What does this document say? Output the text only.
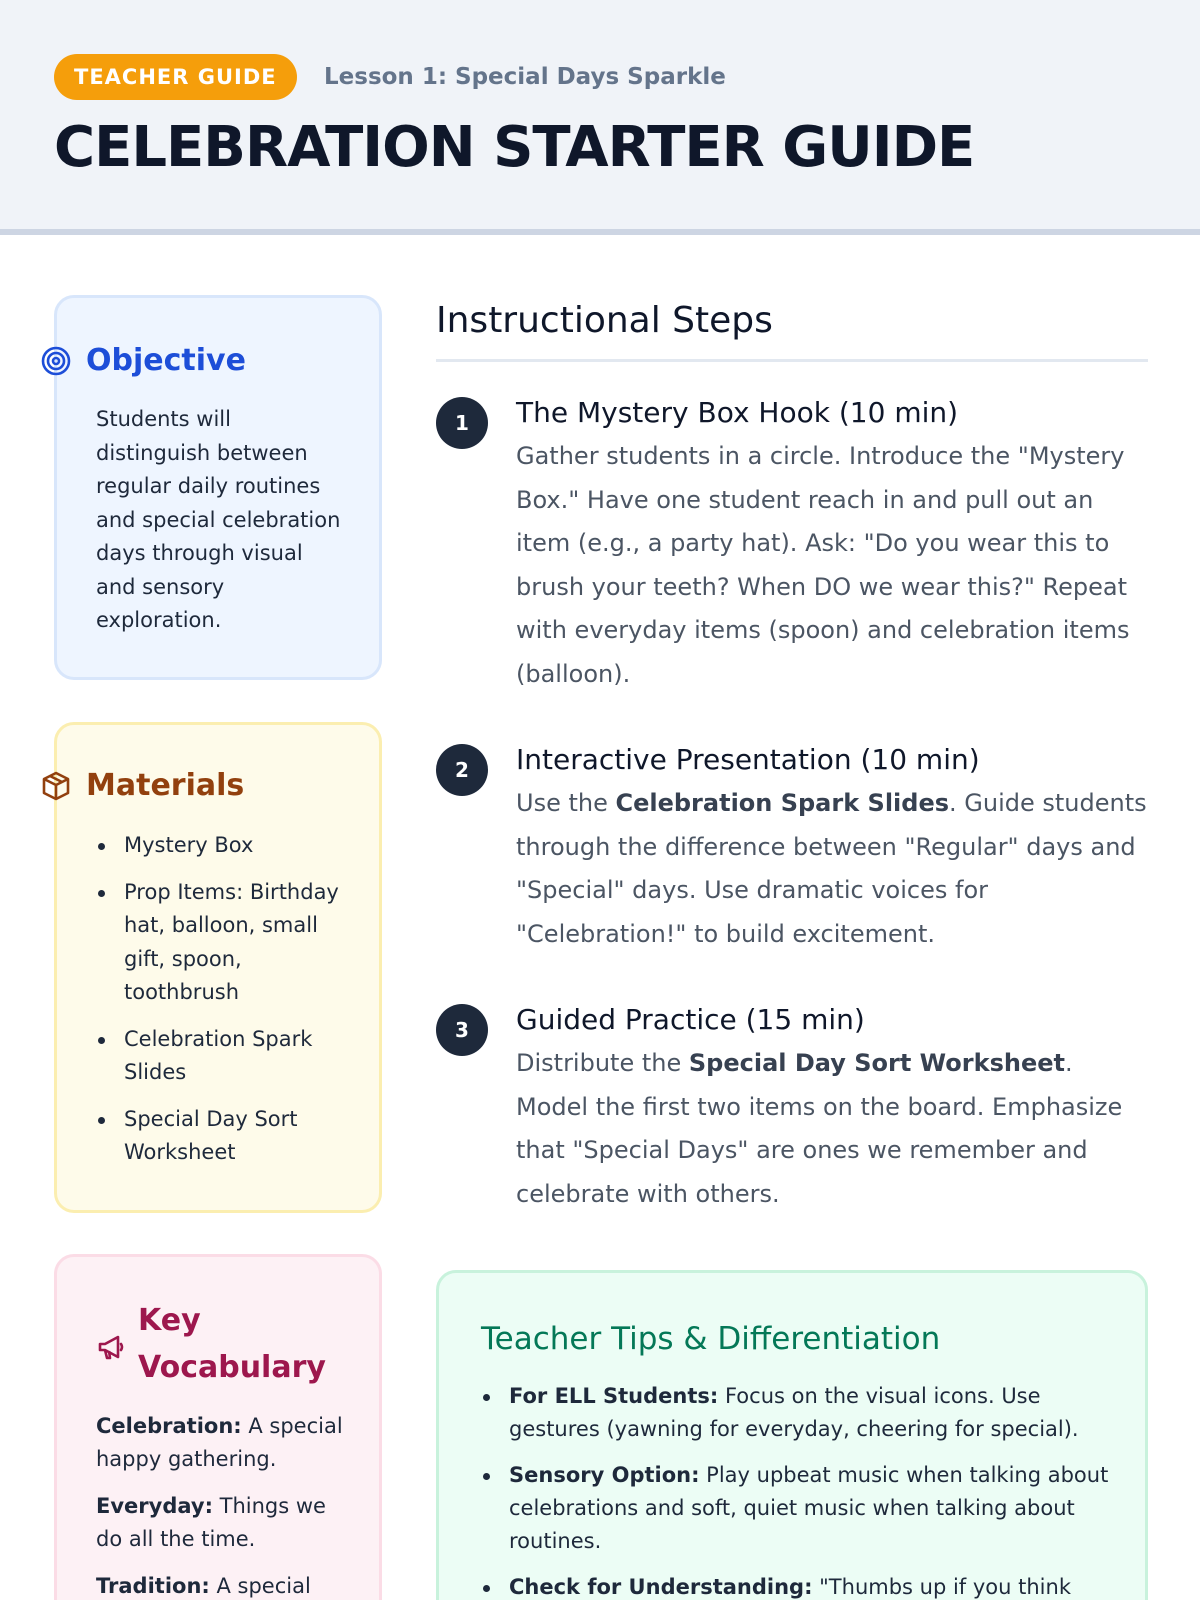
TEACHER GUIDE	Lesson 1: Special Days Sparkle
CELEBRATION STARTER GUIDE
Objective

Students will distinguish between regular daily routines and special celebration days through visual and sensory exploration.

Materials
Mystery Box
Prop Items: Birthday hat, balloon, small gift, spoon, toothbrush
Celebration Spark Slides
Special Day Sort Worksheet
Key Vocabulary

Celebration: A special happy gathering.

Everyday: Things we do all the time.

Tradition: A special

Instructional Steps
1	The Mystery Box Hook (10 min)

Gather students in a circle. Introduce the "Mystery Box." Have one student reach in and pull out an item (e.g., a party hat). Ask: "Do you wear this to brush your teeth? When DO we wear this?" Repeat with everyday items (spoon) and celebration items (balloon).

2	Interactive Presentation (10 min)

Use the Celebration Spark Slides. Guide students through the difference between "Regular" days and "Special" days. Use dramatic voices for "Celebration!" to build excitement.

3	Guided Practice (15 min)

Distribute the Special Day Sort Worksheet. Model the first two items on the board. Emphasize that "Special Days" are ones we remember and celebrate with others.

Teacher Tips & Differentiation
For ELL Students: Focus on the visual icons. Use gestures (yawning for everyday, cheering for special).
Sensory Option: Play upbeat music when talking about celebrations and soft, quiet music when talking about routines.
Check for Understanding: "Thumbs up if you think
